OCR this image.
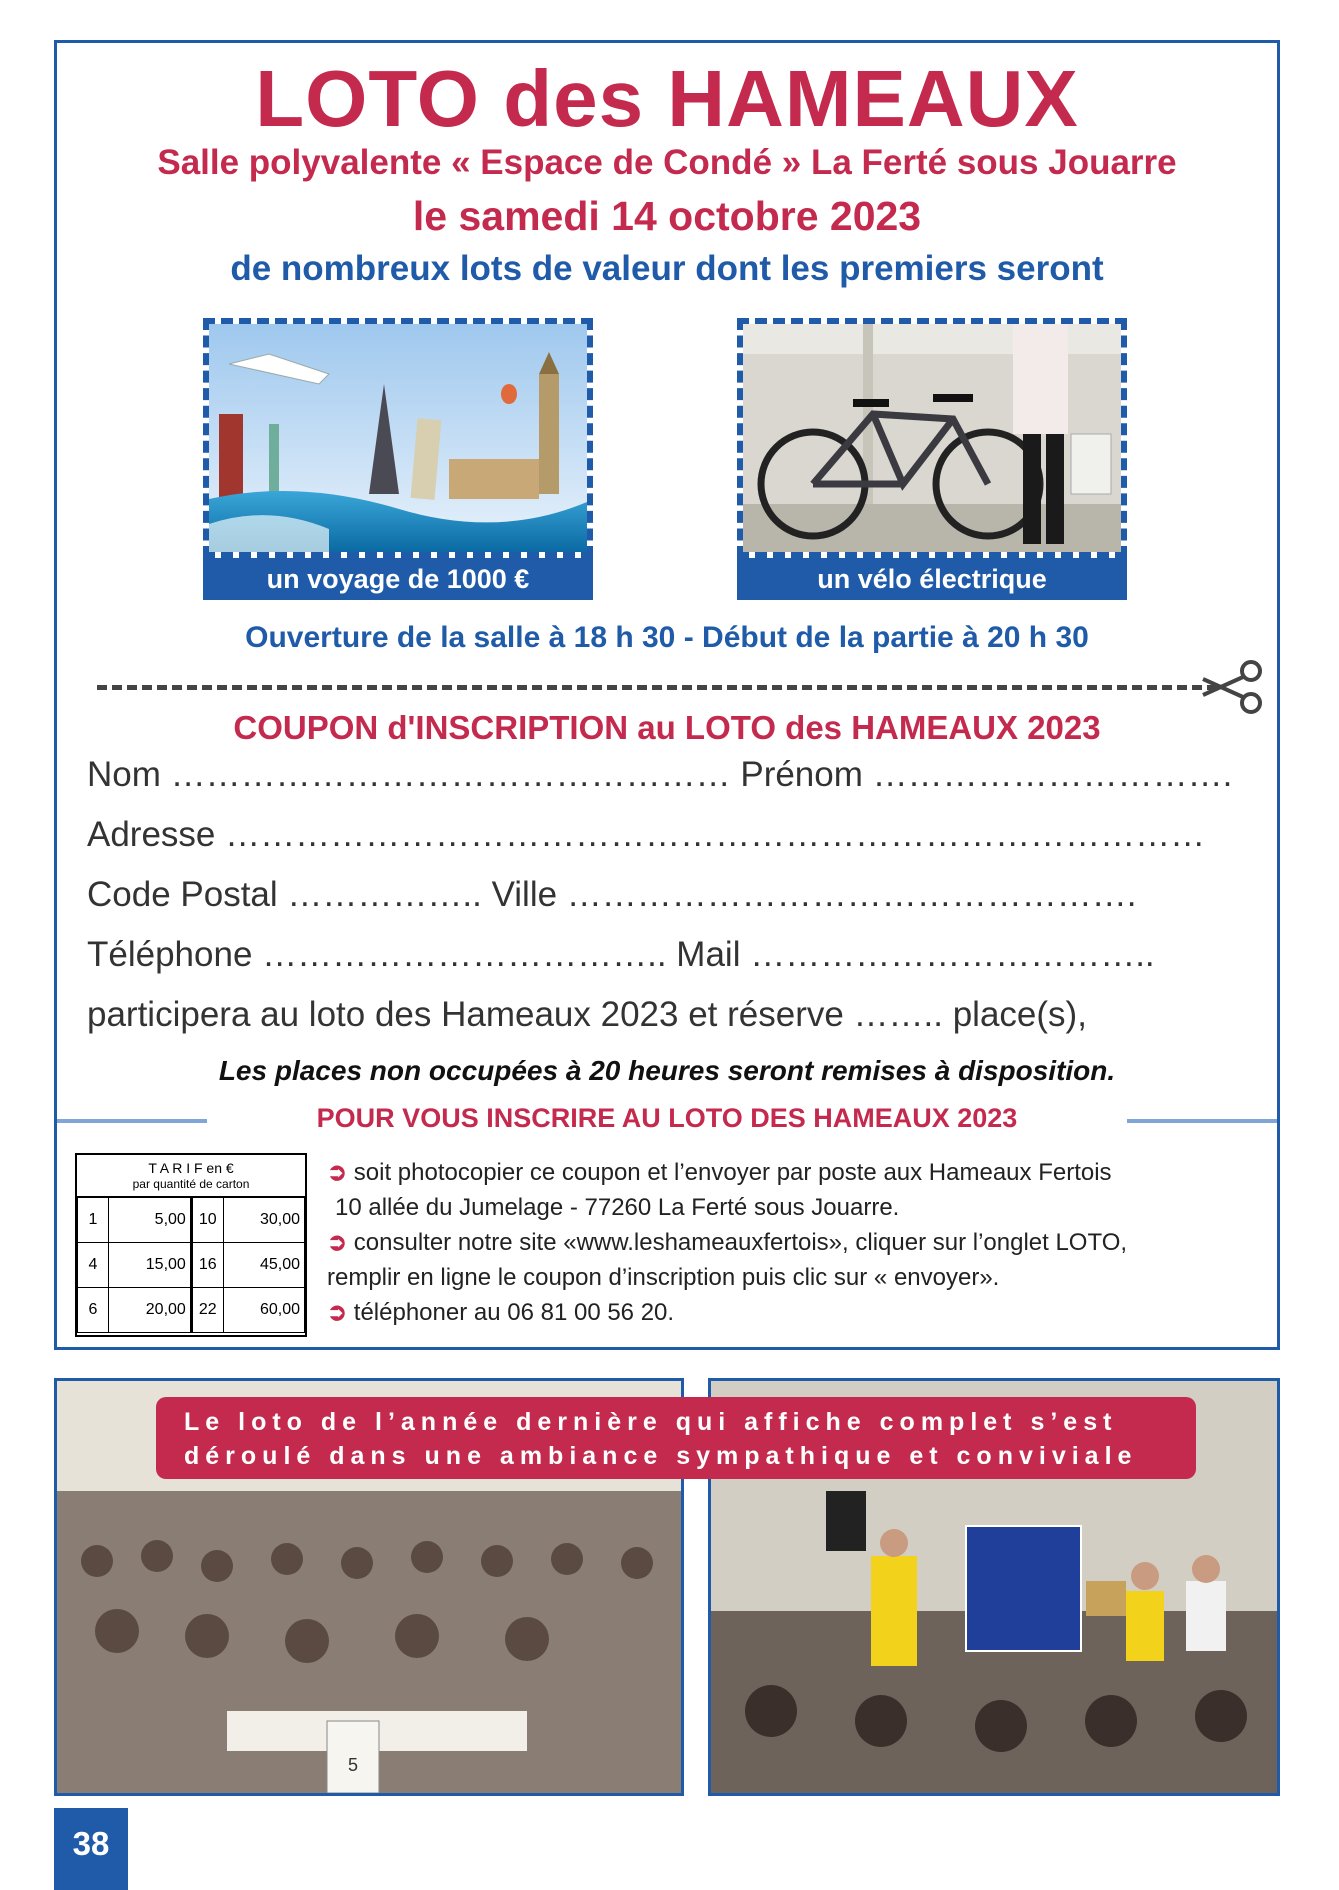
LOTO des HAMEAUX
Salle polyvalente « Espace de Condé » La Ferté sous Jouarre
le samedi 14 octobre 2023
de nombreux lots de valeur dont les premiers seront
un voyage de 1000 €	un vélo électrique
Ouverture de la salle à 18 h 30 - Début de la partie à 20 h 30
COUPON d'INSCRIPTION au LOTO des HAMEAUX 2023
Nom ………………………………………… Prénom ………………………….
Adresse …………………………………………………………………………
Code Postal …………….. Ville ………………………………………….
Téléphone …………………………….. Mail ……………………………..
participera au loto des Hameaux 2023 et réserve …….. place(s),
Les places non occupées à 20 heures seront remises à disposition.
POUR VOUS INSCRIRE AU LOTO DES HAMEAUX 2023
T A R I F en €
par quantité de carton
1	5,00	10	30,00
4	15,00	16	45,00
6	20,00	22	60,00
➲ soit photocopier ce coupon et l’envoyer par poste aux Hameaux Fertois
10 allée du Jumelage - 77260 La Ferté sous Jouarre.
➲ consulter notre site «www.leshameauxfertois», cliquer sur l’onglet LOTO,
remplir en ligne le coupon d’inscription puis clic sur « envoyer».
➲ téléphoner au 06 81 00 56 20.
5
Le loto de l’année dernière qui affiche complet s’est
déroulé dans une ambiance sympathique et conviviale
38
